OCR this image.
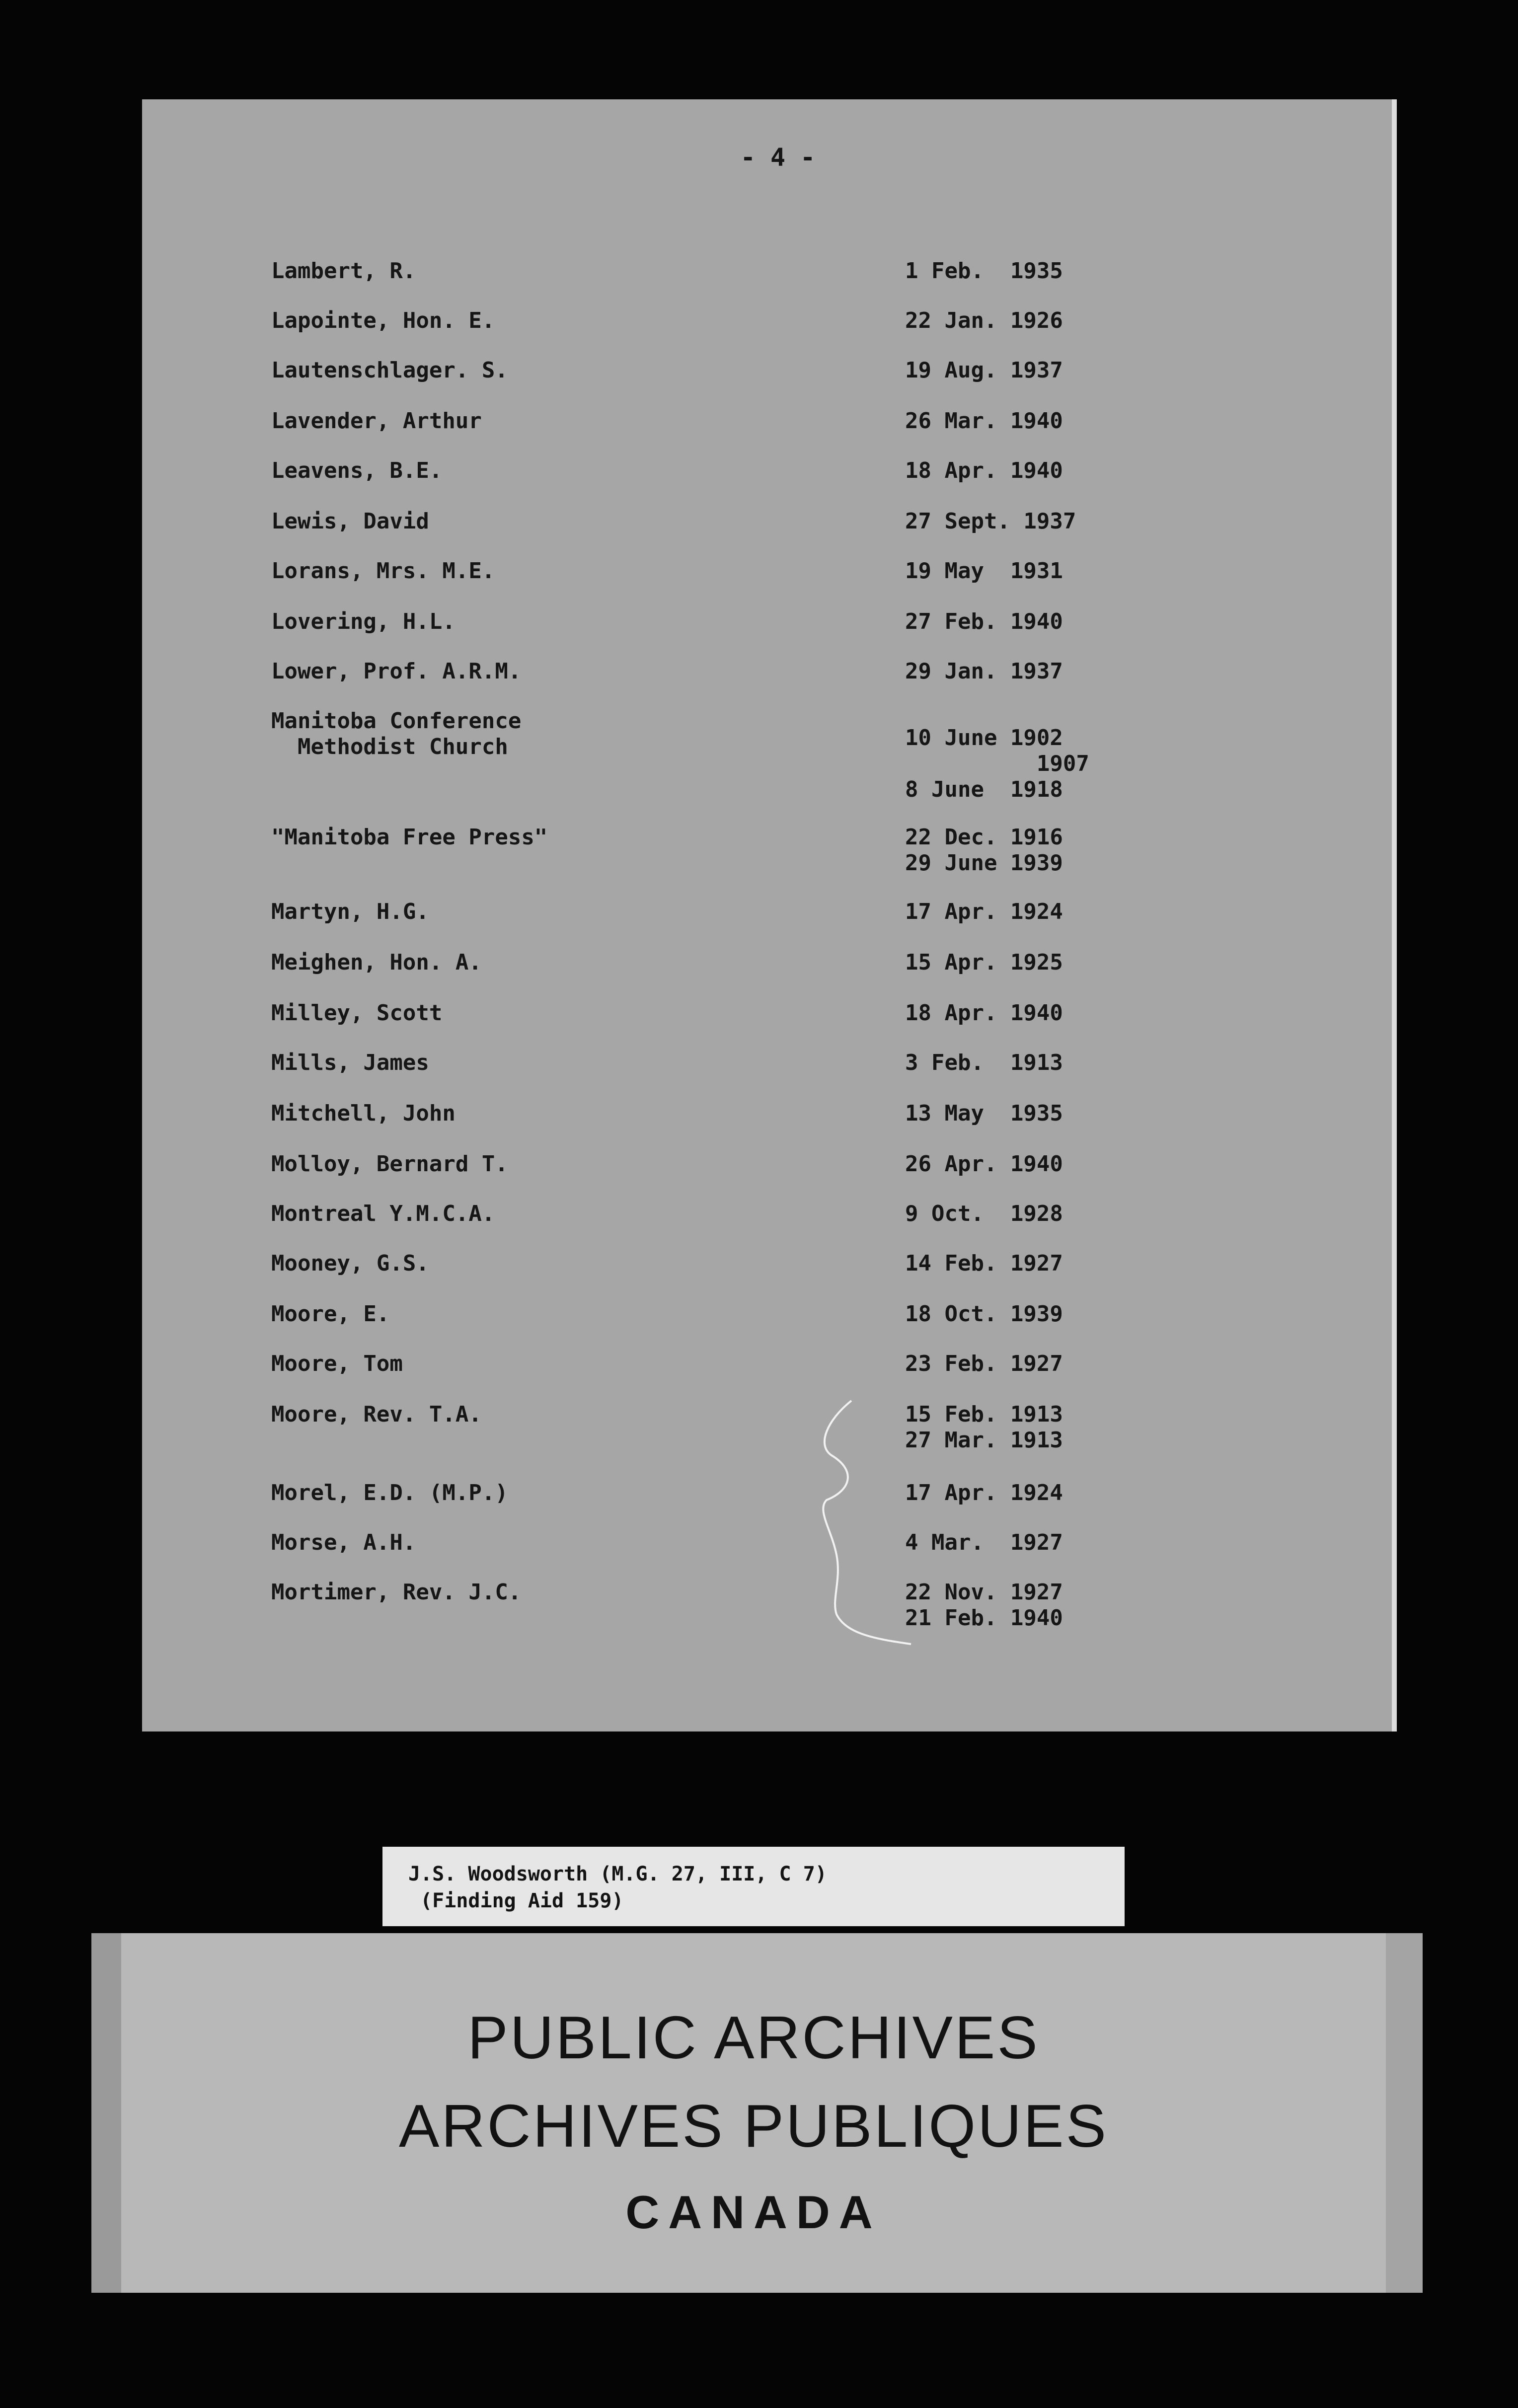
- 4 -
Lambert, R.	1 Feb.  1935
Lapointe, Hon. E.	22 Jan. 1926
Lautenschlager. S.	19 Aug. 1937
Lavender, Arthur	26 Mar. 1940
Leavens, B.E.	18 Apr. 1940
Lewis, David	27 Sept. 1937
Lorans, Mrs. M.E.	19 May  1931
Lovering, H.L.	27 Feb. 1940
Lower, Prof. A.R.M.	29 Jan. 1937
Manitoba Conference
Methodist Church	10 June 1902
1907
8 June  1918
"Manitoba Free Press"	22 Dec. 1916
29 June 1939
Martyn, H.G.	17 Apr. 1924
Meighen, Hon. A.	15 Apr. 1925
Milley, Scott	18 Apr. 1940
Mills, James	3 Feb.  1913
Mitchell, John	13 May  1935
Molloy, Bernard T.	26 Apr. 1940
Montreal Y.M.C.A.	9 Oct.  1928
Mooney, G.S.	14 Feb. 1927
Moore, E.	18 Oct. 1939
Moore, Tom	23 Feb. 1927
Moore, Rev. T.A.	15 Feb. 1913
27 Mar. 1913
Morel, E.D. (M.P.)	17 Apr. 1924
Morse, A.H.	4 Mar.  1927
Mortimer, Rev. J.C.	22 Nov. 1927
21 Feb. 1940
J.S. Woodsworth (M.G. 27, III, C 7)
(Finding Aid 159)
PUBLIC ARCHIVES
ARCHIVES PUBLIQUES
CANADA
